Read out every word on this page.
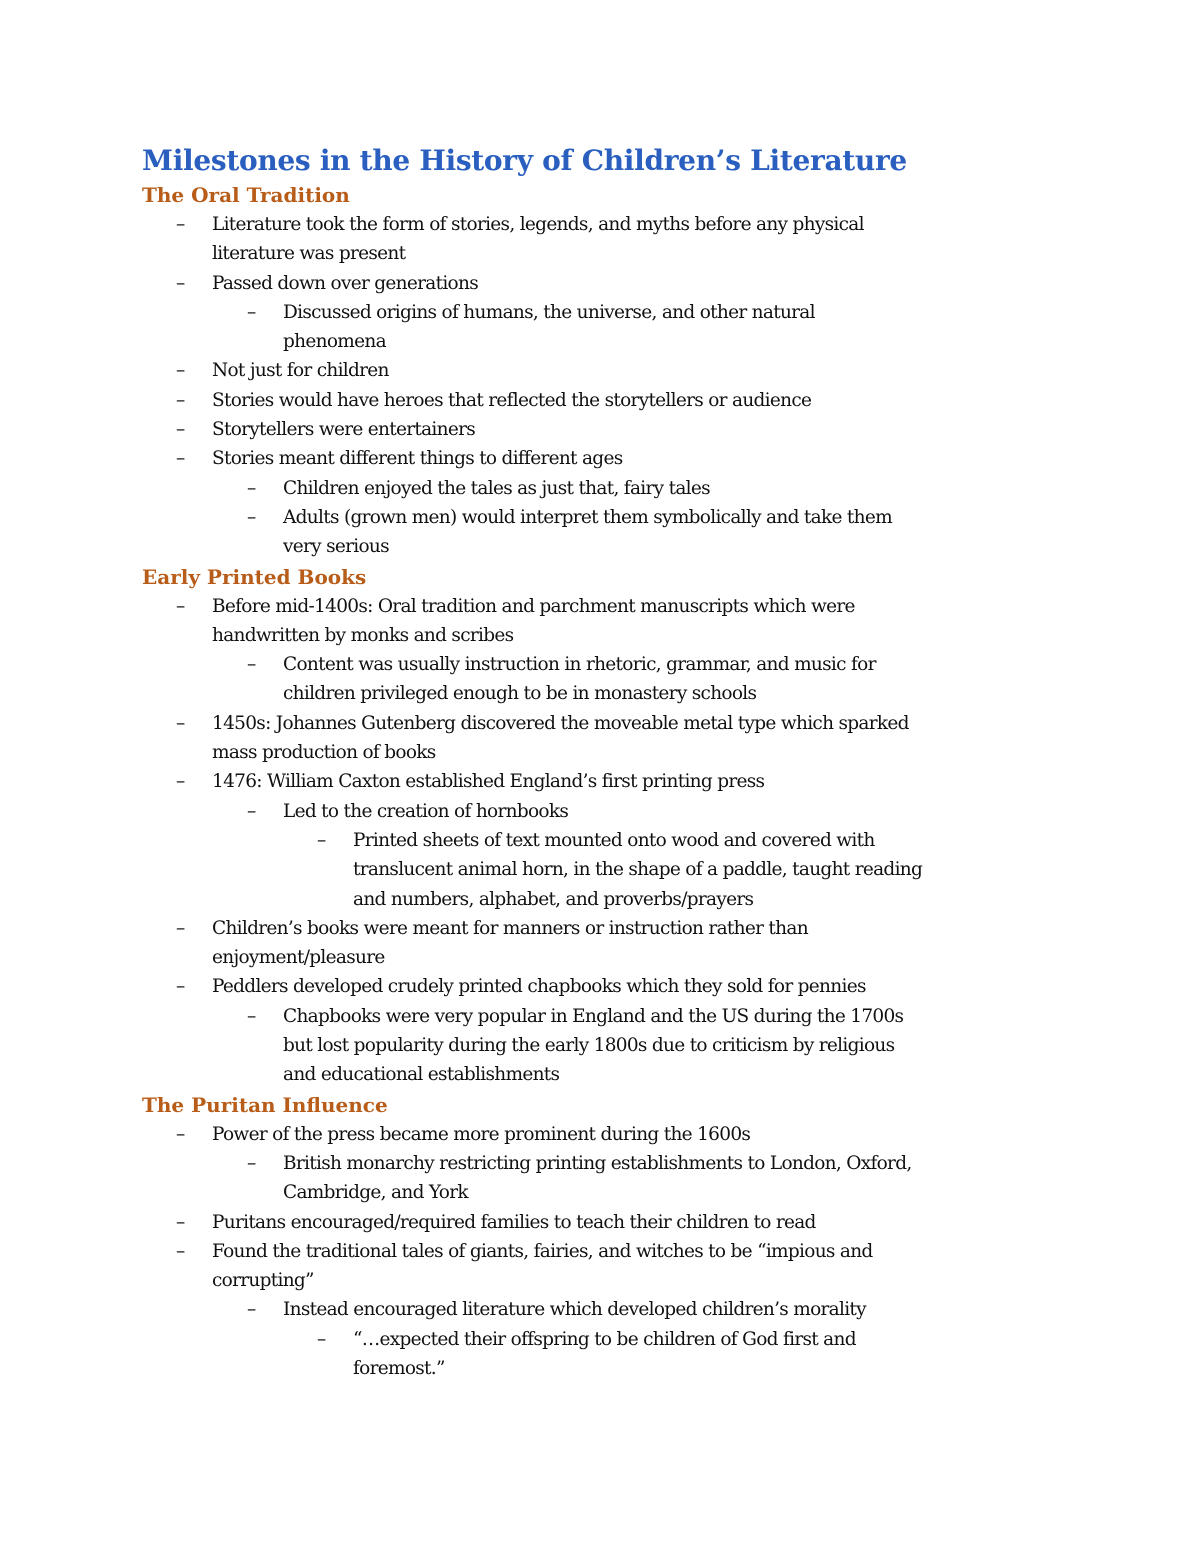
Milestones in the History of Children’s Literature
The Oral Tradition
– Literature took the form of stories, legends, and myths before any physical
literature was present
– Passed down over generations
– Discussed origins of humans, the universe, and other natural
phenomena
– Not just for children
– Stories would have heroes that reflected the storytellers or audience
– Storytellers were entertainers
– Stories meant different things to different ages
– Children enjoyed the tales as just that, fairy tales
– Adults (grown men) would interpret them symbolically and take them
very serious
Early Printed Books
– Before mid-1400s: Oral tradition and parchment manuscripts which were
handwritten by monks and scribes
– Content was usually instruction in rhetoric, grammar, and music for
children privileged enough to be in monastery schools
– 1450s: Johannes Gutenberg discovered the moveable metal type which sparked
mass production of books
– 1476: William Caxton established England’s first printing press
– Led to the creation of hornbooks
– Printed sheets of text mounted onto wood and covered with
translucent animal horn, in the shape of a paddle, taught reading
and numbers, alphabet, and proverbs/prayers
– Children’s books were meant for manners or instruction rather than
enjoyment/pleasure
– Peddlers developed crudely printed chapbooks which they sold for pennies
– Chapbooks were very popular in England and the US during the 1700s
but lost popularity during the early 1800s due to criticism by religious
and educational establishments
The Puritan Influence
– Power of the press became more prominent during the 1600s
– British monarchy restricting printing establishments to London, Oxford,
Cambridge, and York
– Puritans encouraged/required families to teach their children to read
– Found the traditional tales of giants, fairies, and witches to be “impious and
corrupting”
– Instead encouraged literature which developed children’s morality
– “…expected their offspring to be children of God first and
foremost.”
